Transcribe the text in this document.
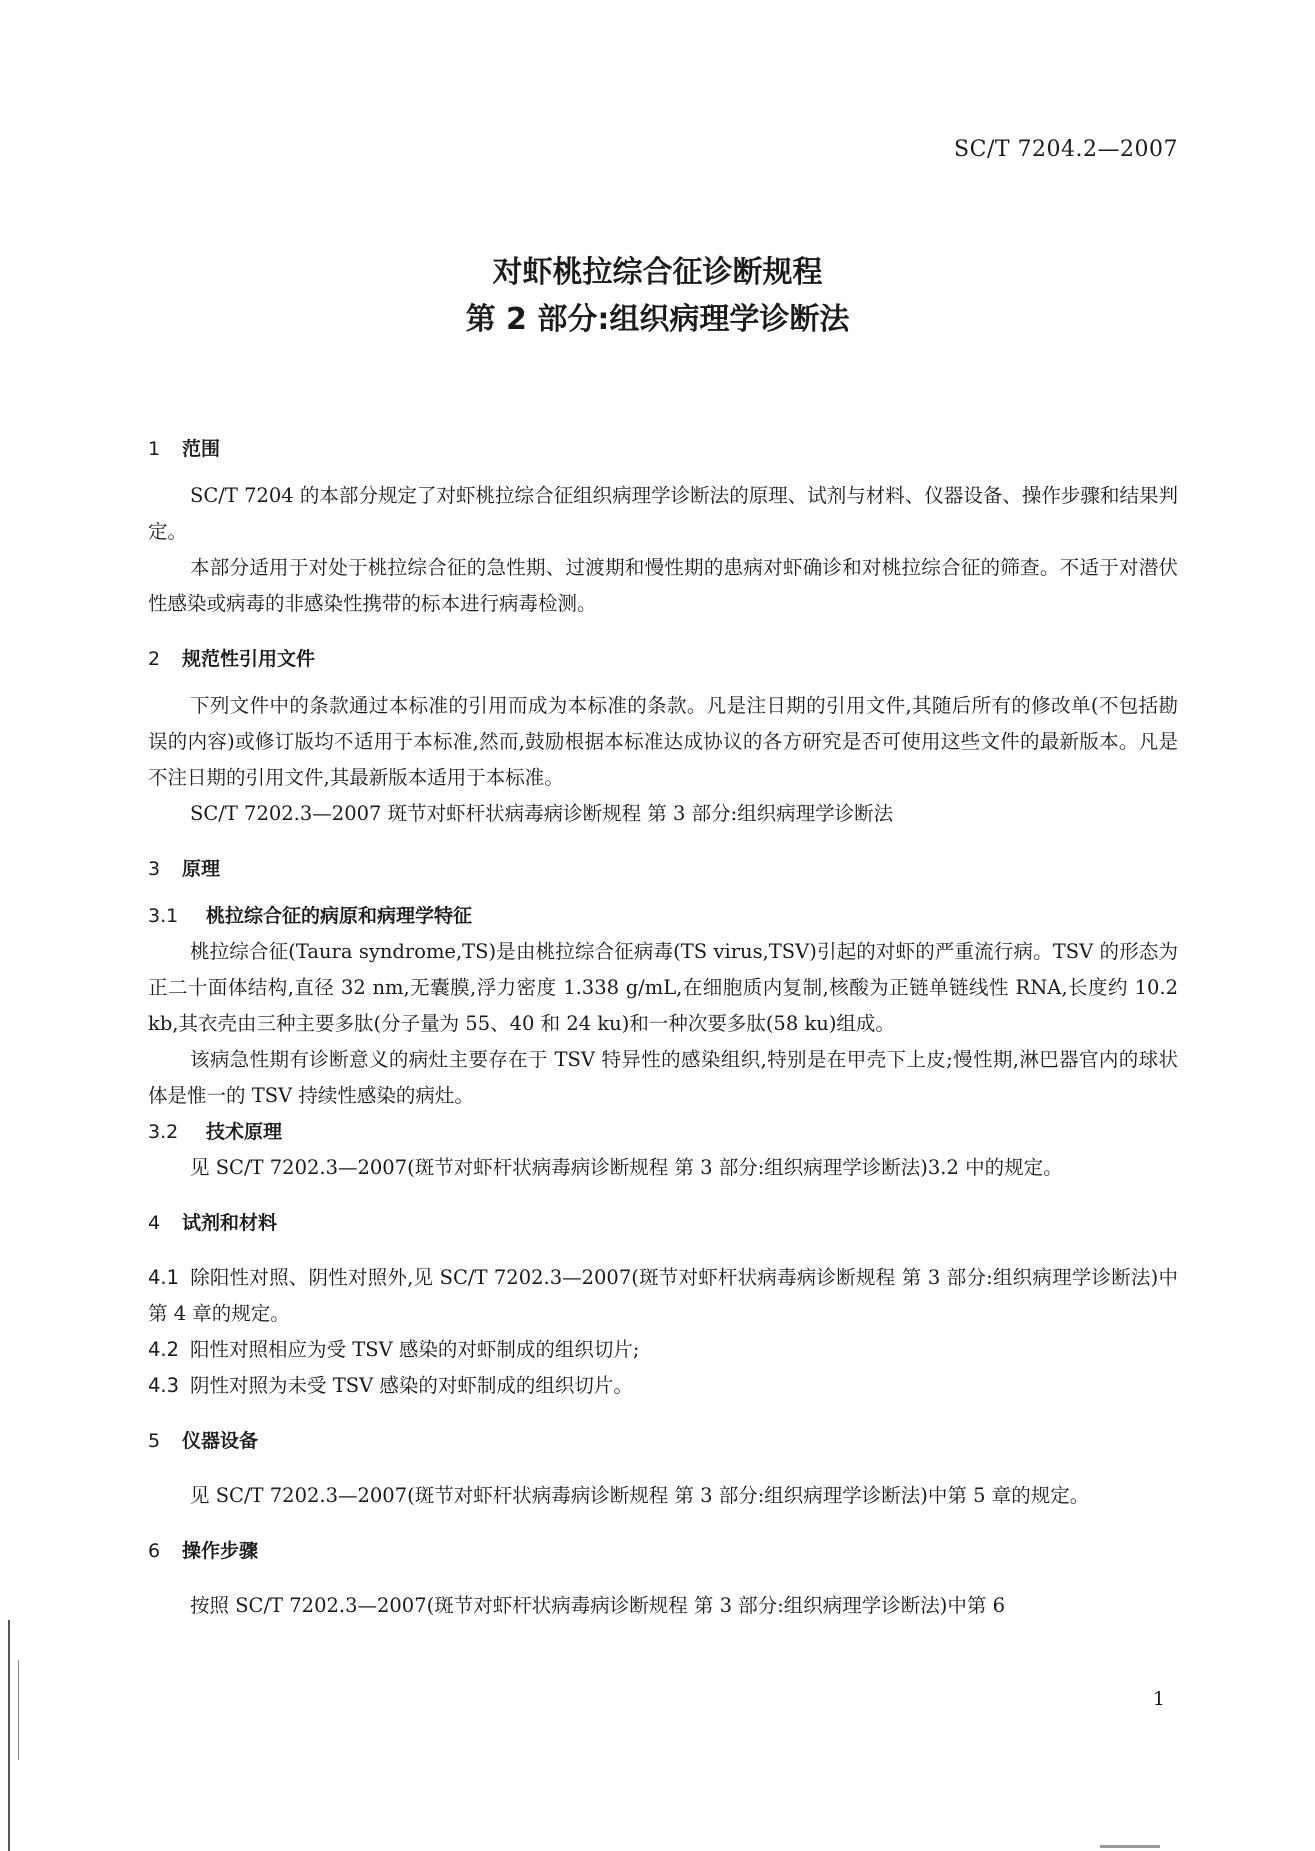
SC/T 7204.2—2007
对虾桃拉综合征诊断规程
第 2 部分:组织病理学诊断法
1 范围
SC/T 7204 的本部分规定了对虾桃拉综合征组织病理学诊断法的原理、试剂与材料、仪器设备、操作步骤和结果判定。
本部分适用于对处于桃拉综合征的急性期、过渡期和慢性期的患病对虾确诊和对桃拉综合征的筛查。不适于对潜伏性感染或病毒的非感染性携带的标本进行病毒检测。
2 规范性引用文件
下列文件中的条款通过本标准的引用而成为本标准的条款。凡是注日期的引用文件,其随后所有的修改单(不包括勘误的内容)或修订版均不适用于本标准,然而,鼓励根据本标准达成协议的各方研究是否可使用这些文件的最新版本。凡是不注日期的引用文件,其最新版本适用于本标准。
SC/T 7202.3—2007 斑节对虾杆状病毒病诊断规程 第 3 部分:组织病理学诊断法
3 原理
3.1 桃拉综合征的病原和病理学特征
桃拉综合征(Taura syndrome,TS)是由桃拉综合征病毒(TS virus,TSV)引起的对虾的严重流行病。TSV 的形态为正二十面体结构,直径 32 nm,无囊膜,浮力密度 1.338 g/mL,在细胞质内复制,核酸为正链单链线性 RNA,长度约 10.2 kb,其衣壳由三种主要多肽(分子量为 55、40 和 24 ku)和一种次要多肽(58 ku)组成。
该病急性期有诊断意义的病灶主要存在于 TSV 特异性的感染组织,特别是在甲壳下上皮;慢性期,淋巴器官内的球状体是惟一的 TSV 持续性感染的病灶。
3.2 技术原理
见 SC/T 7202.3—2007(斑节对虾杆状病毒病诊断规程 第 3 部分:组织病理学诊断法)3.2 中的规定。
4 试剂和材料
4.1 除阳性对照、阴性对照外,见 SC/T 7202.3—2007(斑节对虾杆状病毒病诊断规程 第 3 部分:组织病理学诊断法)中第 4 章的规定。
4.2 阳性对照相应为受 TSV 感染的对虾制成的组织切片;
4.3 阴性对照为未受 TSV 感染的对虾制成的组织切片。
5 仪器设备
见 SC/T 7202.3—2007(斑节对虾杆状病毒病诊断规程 第 3 部分:组织病理学诊断法)中第 5 章的规定。
6 操作步骤
按照 SC/T 7202.3—2007(斑节对虾杆状病毒病诊断规程 第 3 部分:组织病理学诊断法)中第 6
1
